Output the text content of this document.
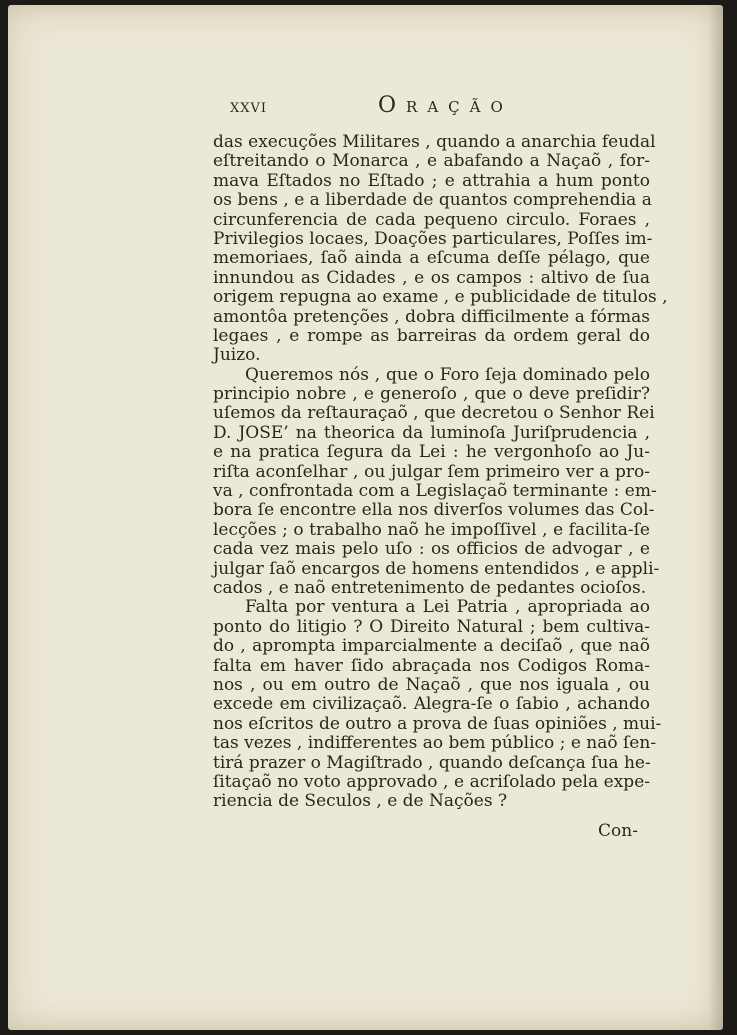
XXVI	Oração
das execuções Militares , quando a anarchia feudal
eſtreitando o Monarca , e abafando a Naçaõ , for-
mava Eſtados no Eſtado ; e attrahia a hum ponto
os bens , e a liberdade de quantos comprehendia a
circunferencia de cada pequeno circulo. Foraes ,
Privilegios locaes, Doações particulares, Poſſes im-
memoriaes, ſaõ ainda a eſcuma deſſe pélago, que
innundou as Cidades , e os campos : altivo de ſua
origem repugna ao exame , e publicidade de titulos ,
amontôa pretenções , dobra difficilmente a fórmas
legaes , e rompe as barreiras da ordem geral do
Juizo.
Queremos nós , que o Foro ſeja dominado pelo
principio nobre , e generoſo , que o deve preſidir?
uſemos da reſtauraçaõ , que decretou o Senhor Rei
D. JOSE’ na theorica da luminoſa Juriſprudencia ,
e na pratica ſegura da Lei : he vergonhoſo ao Ju-
riſta aconſelhar , ou julgar ſem primeiro ver a pro-
va , confrontada com a Legislaçaõ terminante : em-
bora ſe encontre ella nos diverſos volumes das Col-
lecções ; o trabalho naõ he impoſſivel , e facilita-ſe
cada vez mais pelo uſo : os officios de advogar , e
julgar ſaõ encargos de homens entendidos , e appli-
cados , e naõ entretenimento de pedantes ocioſos.
Falta por ventura a Lei Patria , apropriada ao
ponto do litigio ? O Direito Natural ; bem cultiva-
do , apromptа imparcialmente a deciſaõ , que naõ
falta em haver ſido abraçada nos Codigos Roma-
nos , ou em outro de Naçaõ , que nos iguala , ou
excede em civilizaçaõ. Alegra-ſe o ſabio , achando
nos eſcritos de outro a prova de ſuas opiniões , mui-
tas vezes , indifferentes ao bem público ; e naõ ſen-
tirá prazer o Magiſtrado , quando deſcança ſua he-
ſitaçaõ no voto approvado , e acriſolado pela expe-
riencia de Seculos , e de Nações ?
Con-
